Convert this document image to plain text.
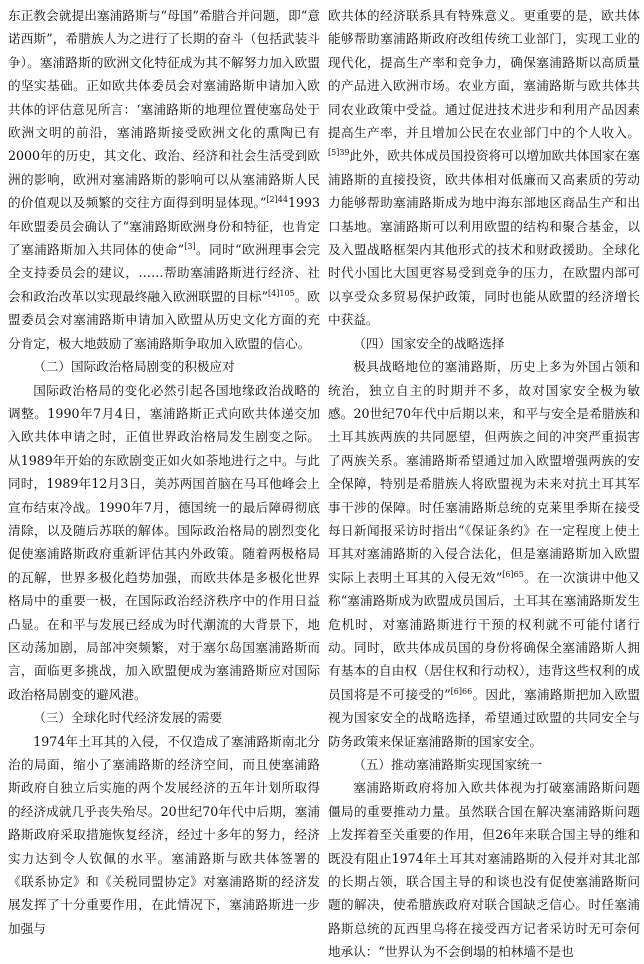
东正教会就提出塞浦路斯与“母国”希腊合并问题，即“意诺西斯”，希腊族人为之进行了长期的奋斗（包括武装斗争）。塞浦路斯的欧洲文化特征成为其不解努力加入欧盟的坚实基础。正如欧共体委员会对塞浦路斯申请加入欧共体的评估意见所言：‘塞浦路斯的地理位置使塞岛处于欧洲文明的前沿，塞浦路斯接受欧洲文化的熏陶已有2000年的历史，其文化、政治、经济和社会生活受到欧洲的影响，欧洲对塞浦路斯的影响可以从塞浦路斯人民的价值观以及频繁的交往方面得到明显体现。”$^{[2]44}$1993年欧盟委员会确认了“塞浦路斯欧洲身份和特征，也肯定了塞浦路斯加入共同体的使命”[3]。同时“欧洲理事会完全支持委员会的建议，……帮助塞浦路斯进行经济、社会和政治改革以实现最终融入欧洲联盟的目标”$^{[4]105}$。欧盟委员会对塞浦路斯申请加入欧盟从历史文化方面的充分肯定，极大地鼓励了塞浦路斯争取加入欧盟的信心。

（二）国际政治格局剧变的积极应对

国际政治格局的变化必然引起各国地缘政治战略的调整。1990年7月4日，塞浦路斯正式向欧共体递交加入欧共体申请之时，正值世界政治格局发生剧变之际。从1989年开始的东欧剧变正如火如荼地进行之中。与此同时，1989年12月3日，美苏两国首脑在马耳他峰会上宣布结束冷战。1990年7月，德国统一的最后障碍彻底清除，以及随后苏联的解体。国际政治格局的剧烈变化促使塞浦路斯政府重新评估其内外政策。随着两极格局的瓦解，世界多极化趋势加强，而欧共体是多极化世界格局中的重要一极，在国际政治经济秩序中的作用日益凸显。在和平与发展已经成为时代潮流的大背景下，地区动荡加剧，局部冲突频繁，对于塞尔岛国塞浦路斯而言，面临更多挑战，加入欧盟便成为塞浦路斯应对国际政治格局剧变的避风港。

（三）全球化时代经济发展的需要

1974年土耳其的入侵，不仅造成了塞浦路斯南北分治的局面，缩小了塞浦路斯的经济空间，而且使塞浦路斯政府自独立后实施的两个发展经济的五年计划所取得的经济成就几乎丧失殆尽。20世纪70年代中后期，塞浦路斯政府采取措施恢复经济，经过十多年的努力，经济实力达到令人钦佩的水平。塞浦路斯与欧共体签署的《联系协定》和《关税同盟协定》对塞浦路斯的经济发展发挥了十分重要作用，在此情况下，塞浦路斯进一步加强与

欧共体的经济联系具有特殊意义。更重要的是，欧共体能够帮助塞浦路斯政府改组传统工业部门，实现工业的现代化，提高生产率和竞争力，确保塞浦路斯以高质量的产品进入欧洲市场。农业方面，塞浦路斯与欧共体共同农业政策中受益。通过促进技术进步和利用产品因素提高生产率，并且增加公民在农业部门中的个人收入。$^{[5]39}$此外，欧共体成员国投资将可以增加欧共体国家在塞浦路斯的直接投资，欧共体相对低廉而又高素质的劳动力能够帮助塞浦路斯成为地中海东部地区商品生产和出口基地。塞浦路斯可以利用欧盟的结构和聚合基金，以及入盟战略框架内其他形式的技术和财政援助。全球化时代小国比大国更容易受到竞争的压力，在欧盟内部可以享受众多贸易保护政策，同时也能从欧盟的经济增长中获益。

（四）国家安全的战略选择

极具战略地位的塞浦路斯，历史上多为外国占领和统治，独立自主的时期并不多，故对国家安全极为敏感。20世纪70年代中后期以来，和平与安全是希腊族和土耳其族两族的共同愿望，但两族之间的冲突严重损害了两族关系。塞浦路斯希望通过加入欧盟增强两族的安全保障，特别是希腊族人将欧盟视为未来对抗土耳其军事干涉的保障。时任塞浦路斯总统的克莱里季斯在接受每日新闻报采访时指出“《保证条约》在一定程度上使土耳其对塞浦路斯的入侵合法化，但是塞浦路斯加入欧盟实际上表明土耳其的入侵无效”$^{[6]65}$。在一次演讲中他又称“塞浦路斯成为欧盟成员国后，土耳其在塞浦路斯发生危机时，对塞浦路斯进行干预的权利就不可能付诸行动。同时，欧共体成员国的身份将确保全塞浦路斯人拥有基本的自由权（居住权和行动权），违背这些权利的成员国将是不可接受的”$^{[6]66}$。因此，塞浦路斯把加入欧盟视为国家安全的战略选择，希望通过欧盟的共同安全与防务政策来保证塞浦路斯的国家安全。

（五）推动塞浦路斯实现国家统一

塞浦路斯政府将加入欧共体视为打破塞浦路斯问题僵局的重要推动力量。虽然联合国在解决塞浦路斯问题上发挥着至关重要的作用，但26年来联合国主导的维和既没有阻止1974年土耳其对塞浦路斯的入侵并对其北部的长期占领，联合国主导的和谈也没有促使塞浦路斯问题的解决，使希腊族政府对联合国缺乏信心。时任塞浦路斯总统的瓦西里乌将在接受西方记者采访时无可奈何地承认：“世界认为不会倒塌的柏林墙不是也
